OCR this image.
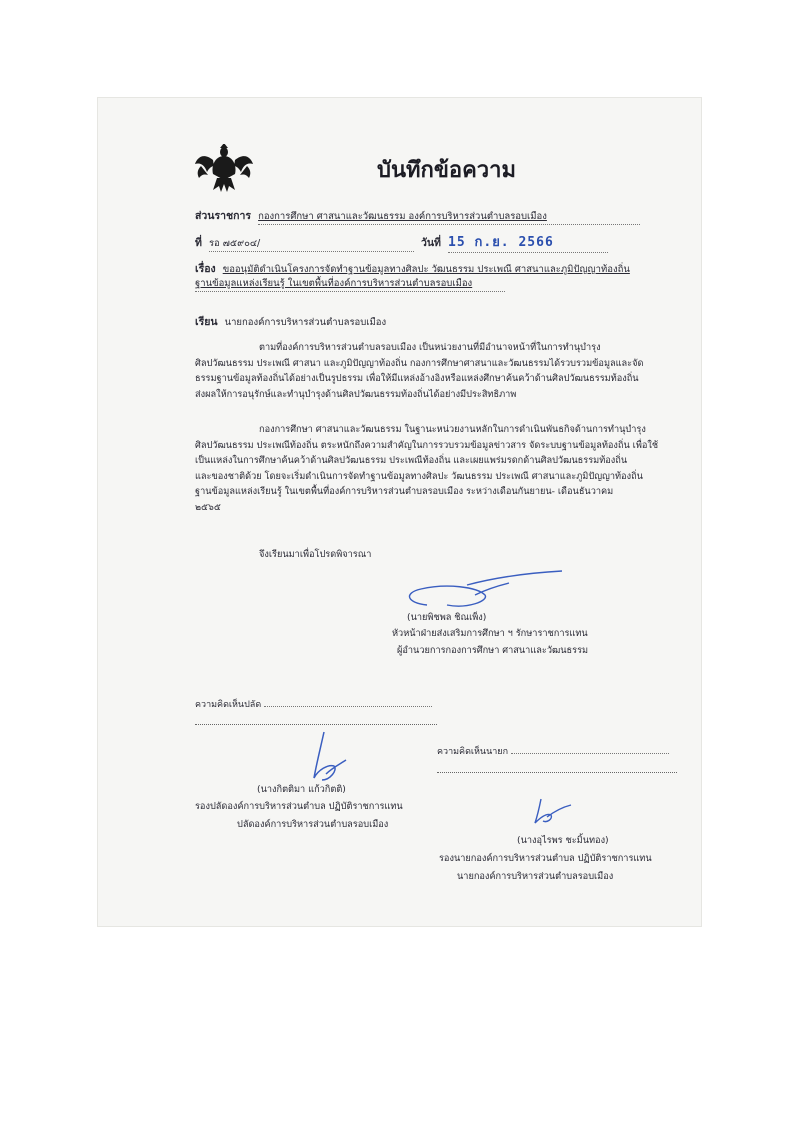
บันทึกข้อความ
ส่วนราชการ กองการศึกษา ศาสนาและวัฒนธรรม องค์การบริหารส่วนตำบลรอบเมือง
ที่ รอ ๗๕๙๐๔/	วันที่ 15 ก.ย. 2566
เรื่อง ขออนุมัติดำเนินโครงการจัดทำฐานข้อมูลทางศิลปะ วัฒนธรรม ประเพณี ศาสนาและภูมิปัญญาท้องถิ่น
ฐานข้อมูลแหล่งเรียนรู้ ในเขตพื้นที่องค์การบริหารส่วนตำบลรอบเมือง
เรียน นายกองค์การบริหารส่วนตำบลรอบเมือง
ตามที่องค์การบริหารส่วนตำบลรอบเมือง เป็นหน่วยงานที่มีอำนาจหน้าที่ในการทำนุบำรุง
ศิลปวัฒนธรรม ประเพณี ศาสนา และภูมิปัญญาท้องถิ่น กองการศึกษาศาสนาและวัฒนธรรมได้รวบรวมข้อมูลและจัด
ธรรมฐานข้อมูลท้องถิ่นได้อย่างเป็นรูปธรรม เพื่อให้มีแหล่งอ้างอิงหรือแหล่งศึกษาค้นคว้าด้านศิลปวัฒนธรรมท้องถิ่น
ส่งผลให้การอนุรักษ์และทำนุบำรุงด้านศิลปวัฒนธรรมท้องถิ่นได้อย่างมีประสิทธิภาพ
กองการศึกษา ศาสนาและวัฒนธรรม ในฐานะหน่วยงานหลักในการดำเนินพันธกิจด้านการทำนุบำรุง
ศิลปวัฒนธรรม ประเพณีท้องถิ่น ตระหนักถึงความสำคัญในการรวบรวมข้อมูลข่าวสาร จัดระบบฐานข้อมูลท้องถิ่น เพื่อใช้
เป็นแหล่งในการศึกษาค้นคว้าด้านศิลปวัฒนธรรม ประเพณีท้องถิ่น และเผยแพร่มรดกด้านศิลปวัฒนธรรมท้องถิ่น
และของชาติด้วย โดยจะเริ่มดำเนินการจัดทำฐานข้อมูลทางศิลปะ วัฒนธรรม ประเพณี ศาสนาและภูมิปัญญาท้องถิ่น
ฐานข้อมูลแหล่งเรียนรู้ ในเขตพื้นที่องค์การบริหารส่วนตำบลรอบเมือง ระหว่างเดือนกันยายน- เดือนธันวาคม
๒๕๖๕
จึงเรียนมาเพื่อโปรดพิจารณา
(นายพิชพล ชิณเพ็ง)
หัวหน้าฝ่ายส่งเสริมการศึกษา ฯ รักษาราชการแทน
ผู้อำนวยการกองการศึกษา ศาสนาและวัฒนธรรม
ความคิดเห็นปลัด
ความคิดเห็นนายก
(นางกิตติมา แก้วกิตติ)
รองปลัดองค์การบริหารส่วนตำบล ปฏิบัติราชการแทน
ปลัดองค์การบริหารส่วนตำบลรอบเมือง
(นางอุไรพร ชะมิ้นทอง)
รองนายกองค์การบริหารส่วนตำบล ปฏิบัติราชการแทน
นายกองค์การบริหารส่วนตำบลรอบเมือง
